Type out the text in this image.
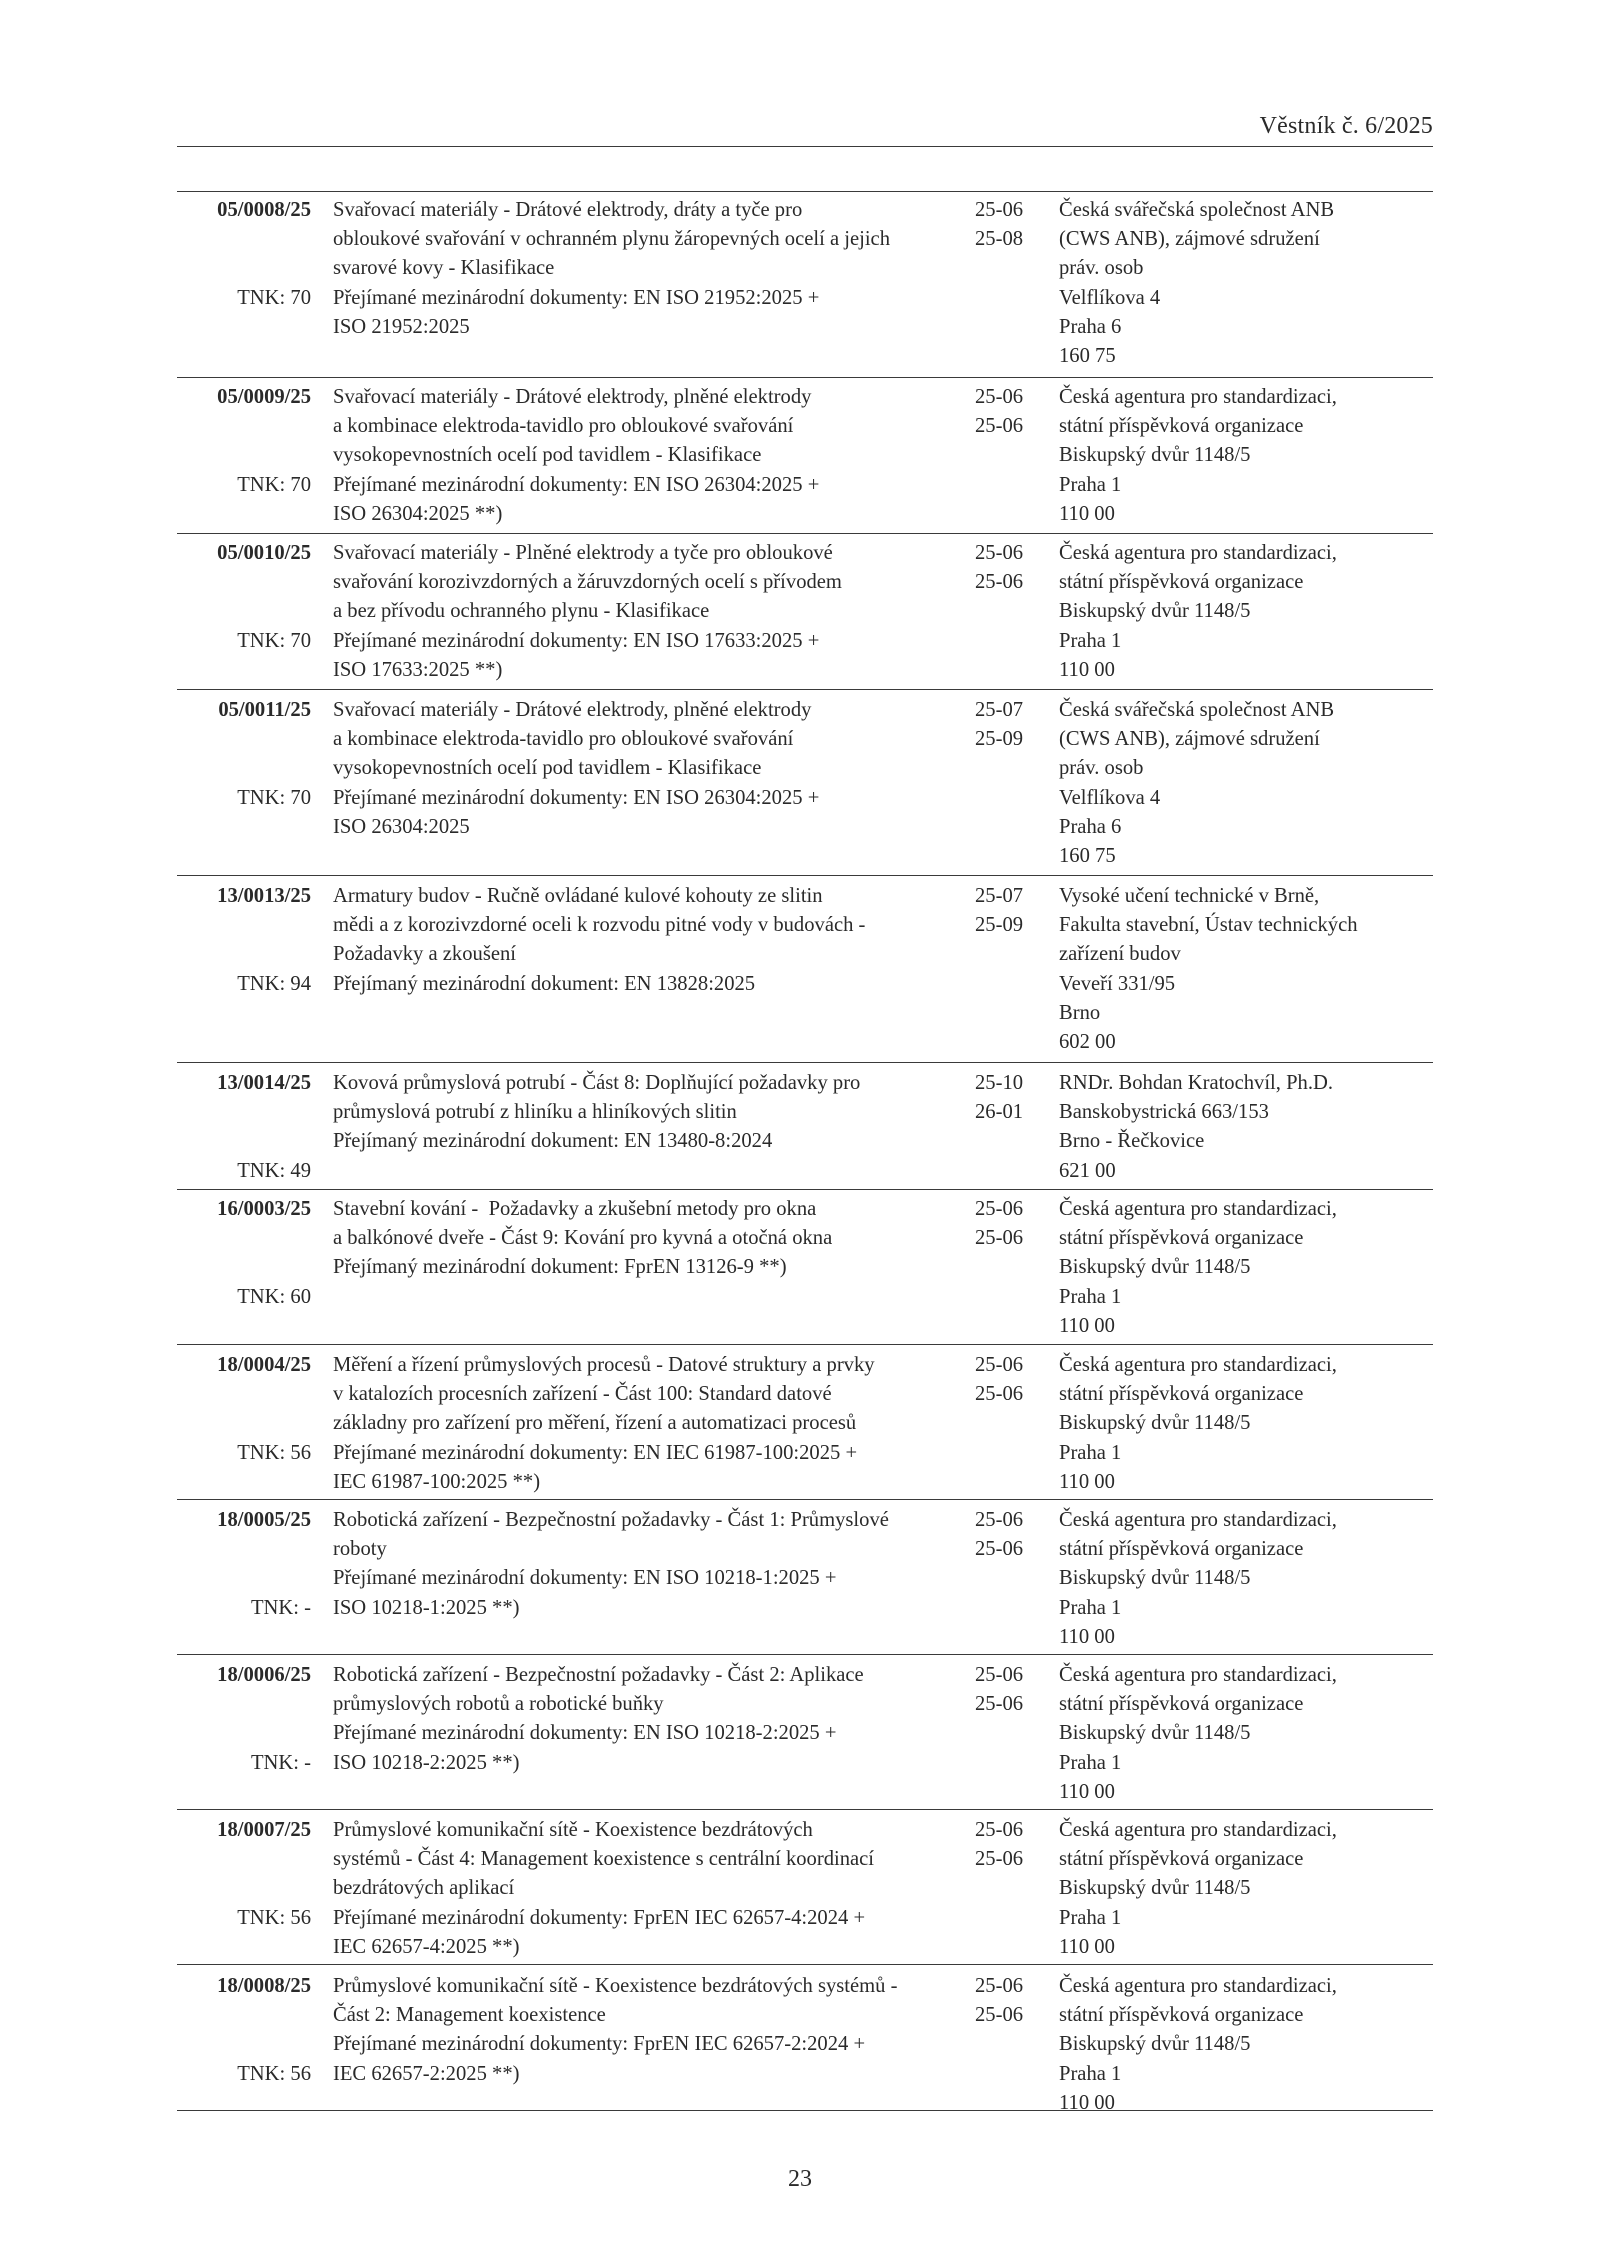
Věstník č. 6/2025
05/0008/25
TNK: 70
Svařovací materiály - Drátové elektrody, dráty a tyče pro
obloukové svařování v ochranném plynu žáropevných ocelí a jejich
svarové kovy - Klasifikace
Přejímané mezinárodní dokumenty: EN ISO 21952:2025 +
ISO 21952:2025
25-06
25-08
Česká svářečská společnost ANB
(CWS ANB), zájmové sdružení
práv. osob
Velflíkova 4
Praha 6
160 75
05/0009/25
TNK: 70
Svařovací materiály - Drátové elektrody, plněné elektrody
a kombinace elektroda-tavidlo pro obloukové svařování
vysokopevnostních ocelí pod tavidlem - Klasifikace
Přejímané mezinárodní dokumenty: EN ISO 26304:2025 +
ISO 26304:2025 **)
25-06
25-06
Česká agentura pro standardizaci,
státní příspěvková organizace
Biskupský dvůr 1148/5
Praha 1
110 00
05/0010/25
TNK: 70
Svařovací materiály - Plněné elektrody a tyče pro obloukové
svařování korozivzdorných a žáruvzdorných ocelí s přívodem
a bez přívodu ochranného plynu - Klasifikace
Přejímané mezinárodní dokumenty: EN ISO 17633:2025 +
ISO 17633:2025 **)
25-06
25-06
Česká agentura pro standardizaci,
státní příspěvková organizace
Biskupský dvůr 1148/5
Praha 1
110 00
05/0011/25
TNK: 70
Svařovací materiály - Drátové elektrody, plněné elektrody
a kombinace elektroda-tavidlo pro obloukové svařování
vysokopevnostních ocelí pod tavidlem - Klasifikace
Přejímané mezinárodní dokumenty: EN ISO 26304:2025 +
ISO 26304:2025
25-07
25-09
Česká svářečská společnost ANB
(CWS ANB), zájmové sdružení
práv. osob
Velflíkova 4
Praha 6
160 75
13/0013/25
TNK: 94
Armatury budov - Ručně ovládané kulové kohouty ze slitin
mědi a z korozivzdorné oceli k rozvodu pitné vody v budovách -
Požadavky a zkoušení
Přejímaný mezinárodní dokument: EN 13828:2025
25-07
25-09
Vysoké učení technické v Brně,
Fakulta stavební, Ústav technických
zařízení budov
Veveří 331/95
Brno
602 00
13/0014/25
TNK: 49
Kovová průmyslová potrubí - Část 8: Doplňující požadavky pro
průmyslová potrubí z hliníku a hliníkových slitin
Přejímaný mezinárodní dokument: EN 13480-8:2024
25-10
26-01
RNDr. Bohdan Kratochvíl, Ph.D.
Banskobystrická 663/153
Brno - Řečkovice
621 00
16/0003/25
TNK: 60
Stavební kování -  Požadavky a zkušební metody pro okna
a balkónové dveře - Část 9: Kování pro kyvná a otočná okna
Přejímaný mezinárodní dokument: FprEN 13126-9 **)
25-06
25-06
Česká agentura pro standardizaci,
státní příspěvková organizace
Biskupský dvůr 1148/5
Praha 1
110 00
18/0004/25
TNK: 56
Měření a řízení průmyslových procesů - Datové struktury a prvky
v katalozích procesních zařízení - Část 100: Standard datové
základny pro zařízení pro měření, řízení a automatizaci procesů
Přejímané mezinárodní dokumenty: EN IEC 61987-100:2025 +
IEC 61987-100:2025 **)
25-06
25-06
Česká agentura pro standardizaci,
státní příspěvková organizace
Biskupský dvůr 1148/5
Praha 1
110 00
18/0005/25
TNK: -
Robotická zařízení - Bezpečnostní požadavky - Část 1: Průmyslové
roboty
Přejímané mezinárodní dokumenty: EN ISO 10218-1:2025 +
ISO 10218-1:2025 **)
25-06
25-06
Česká agentura pro standardizaci,
státní příspěvková organizace
Biskupský dvůr 1148/5
Praha 1
110 00
18/0006/25
TNK: -
Robotická zařízení - Bezpečnostní požadavky - Část 2: Aplikace
průmyslových robotů a robotické buňky
Přejímané mezinárodní dokumenty: EN ISO 10218-2:2025 +
ISO 10218-2:2025 **)
25-06
25-06
Česká agentura pro standardizaci,
státní příspěvková organizace
Biskupský dvůr 1148/5
Praha 1
110 00
18/0007/25
TNK: 56
Průmyslové komunikační sítě - Koexistence bezdrátových
systémů - Část 4: Management koexistence s centrální koordinací
bezdrátových aplikací
Přejímané mezinárodní dokumenty: FprEN IEC 62657-4:2024 +
IEC 62657-4:2025 **)
25-06
25-06
Česká agentura pro standardizaci,
státní příspěvková organizace
Biskupský dvůr 1148/5
Praha 1
110 00
18/0008/25
TNK: 56
Průmyslové komunikační sítě - Koexistence bezdrátových systémů -
Část 2: Management koexistence
Přejímané mezinárodní dokumenty: FprEN IEC 62657-2:2024 +
IEC 62657-2:2025 **)
25-06
25-06
Česká agentura pro standardizaci,
státní příspěvková organizace
Biskupský dvůr 1148/5
Praha 1
110 00
23
